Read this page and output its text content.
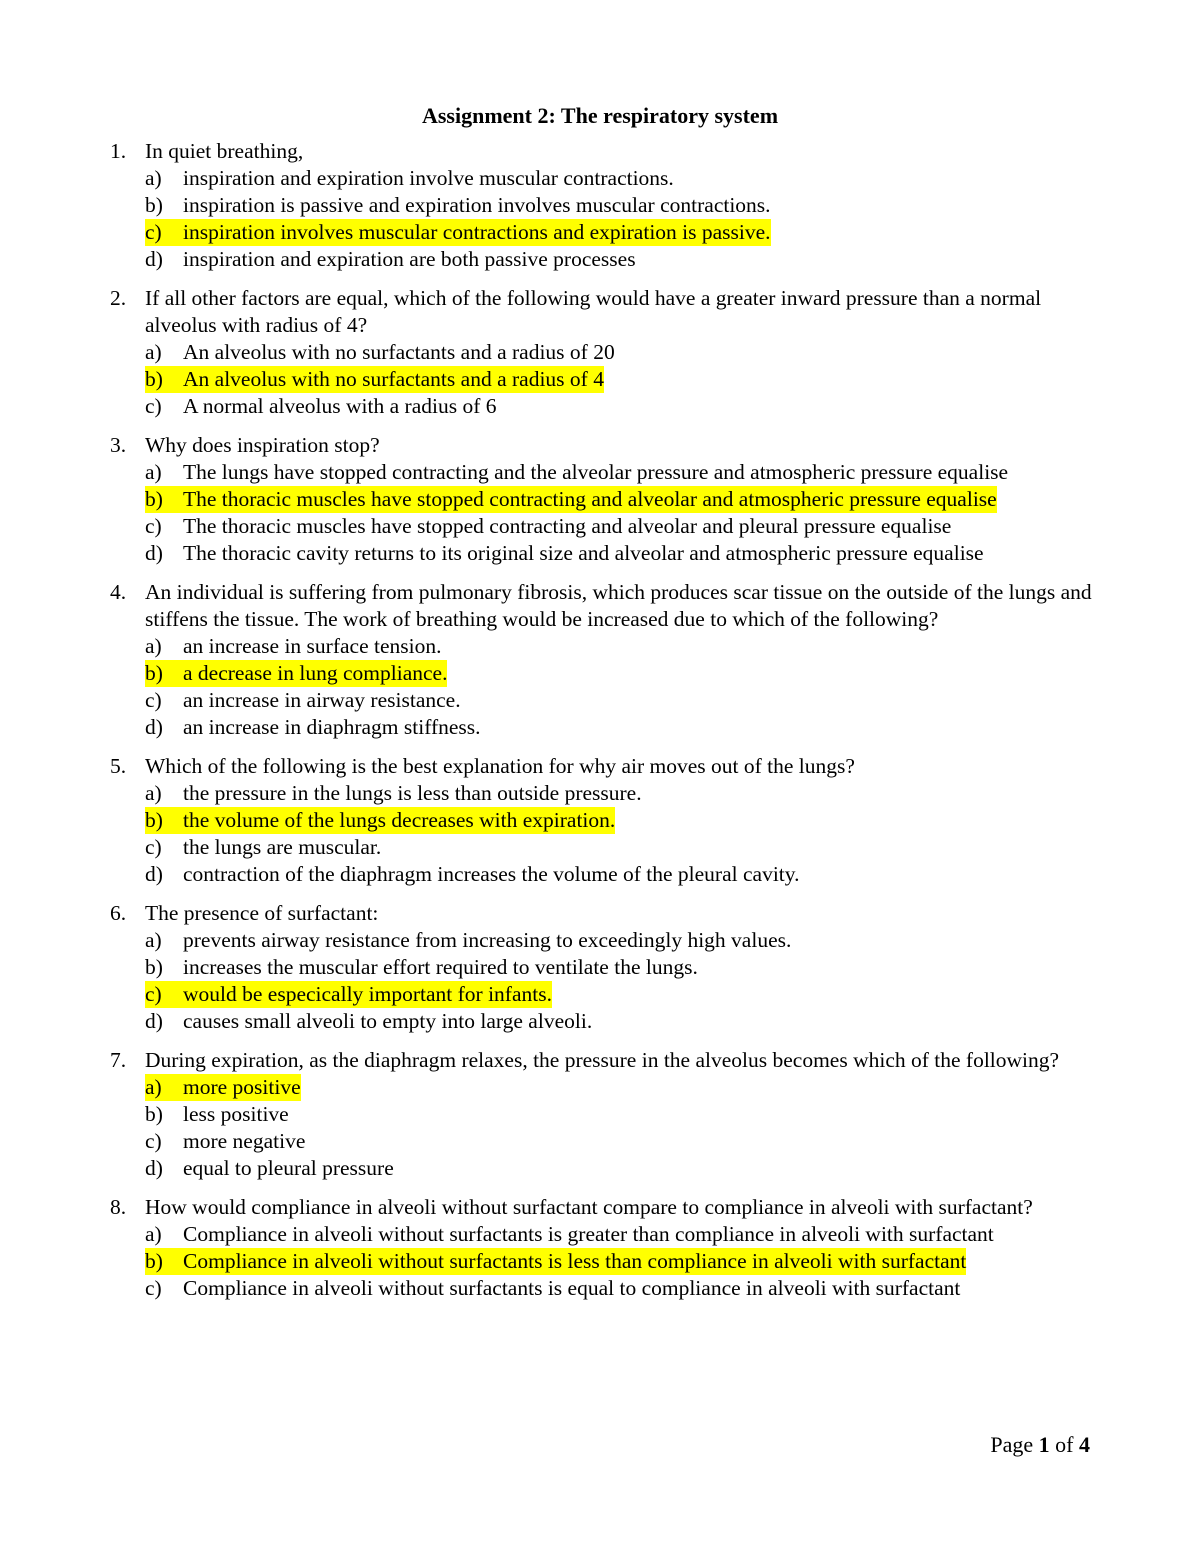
Assignment 2: The respiratory system
1. In quiet breathing,
a) inspiration and expiration involve muscular contractions.
b) inspiration is passive and expiration involves muscular contractions.
c) inspiration involves muscular contractions and expiration is passive.
d) inspiration and expiration are both passive processes
2. If all other factors are equal, which of the following would have a greater inward pressure than a normal alveolus with radius of 4?
a) An alveolus with no surfactants and a radius of 20
b) An alveolus with no surfactants and a radius of 4
c) A normal alveolus with a radius of 6
3. Why does inspiration stop?
a) The lungs have stopped contracting and the alveolar pressure and atmospheric pressure equalise
b) The thoracic muscles have stopped contracting and alveolar and atmospheric pressure equalise
c) The thoracic muscles have stopped contracting and alveolar and pleural pressure equalise
d) The thoracic cavity returns to its original size and alveolar and atmospheric pressure equalise
4. An individual is suffering from pulmonary fibrosis, which produces scar tissue on the outside of the lungs and stiffens the tissue. The work of breathing would be increased due to which of the following?
a) an increase in surface tension.
b) a decrease in lung compliance.
c) an increase in airway resistance.
d) an increase in diaphragm stiffness.
5. Which of the following is the best explanation for why air moves out of the lungs?
a) the pressure in the lungs is less than outside pressure.
b) the volume of the lungs decreases with expiration.
c) the lungs are muscular.
d) contraction of the diaphragm increases the volume of the pleural cavity.
6. The presence of surfactant:
a) prevents airway resistance from increasing to exceedingly high values.
b) increases the muscular effort required to ventilate the lungs.
c) would be especically important for infants.
d) causes small alveoli to empty into large alveoli.
7. During expiration, as the diaphragm relaxes, the pressure in the alveolus becomes which of the following?
a) more positive
b) less positive
c) more negative
d) equal to pleural pressure
8. How would compliance in alveoli without surfactant compare to compliance in alveoli with surfactant?
a) Compliance in alveoli without surfactants is greater than compliance in alveoli with surfactant
b) Compliance in alveoli without surfactants is less than compliance in alveoli with surfactant
c) Compliance in alveoli without surfactants is equal to compliance in alveoli with surfactant
Page 1 of 4
